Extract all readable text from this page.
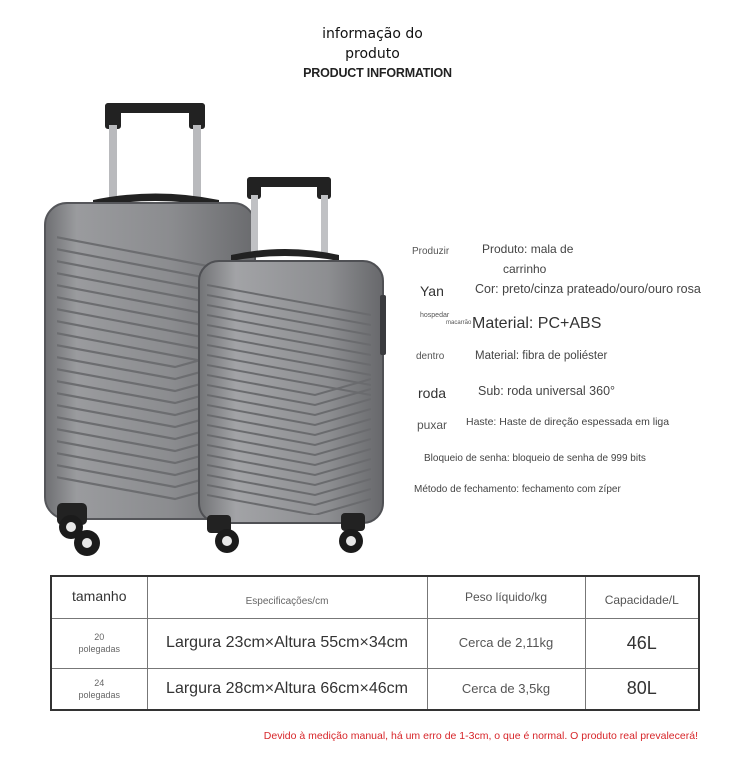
informação do
produto
PRODUCT INFORMATION
Produzir	Produto: mala de
carrinho
Yan Cor: preto/cinza prateado/ouro/ouro rosa
hospedar
macarrão Material: PC+ABS
dentro	Material: fibra de poliéster
roda	Sub: roda universal 360°
puxar Haste: Haste de direção espessada em liga
Bloqueio de senha: bloqueio de senha de 999 bits
Método de fechamento: fechamento com zíper
tamanho	Especificações/cm	Peso líquido/kg	Capacidade/L

20
polegadas	Largura 23cm×Altura 55cm×34cm	Cerca de 2,11kg	46L

24
polegadas	Largura 28cm×Altura 66cm×46cm	Cerca de 3,5kg	80L
Devido à medição manual, há um erro de 1-3cm, o que é normal. O produto real prevalecerá!
